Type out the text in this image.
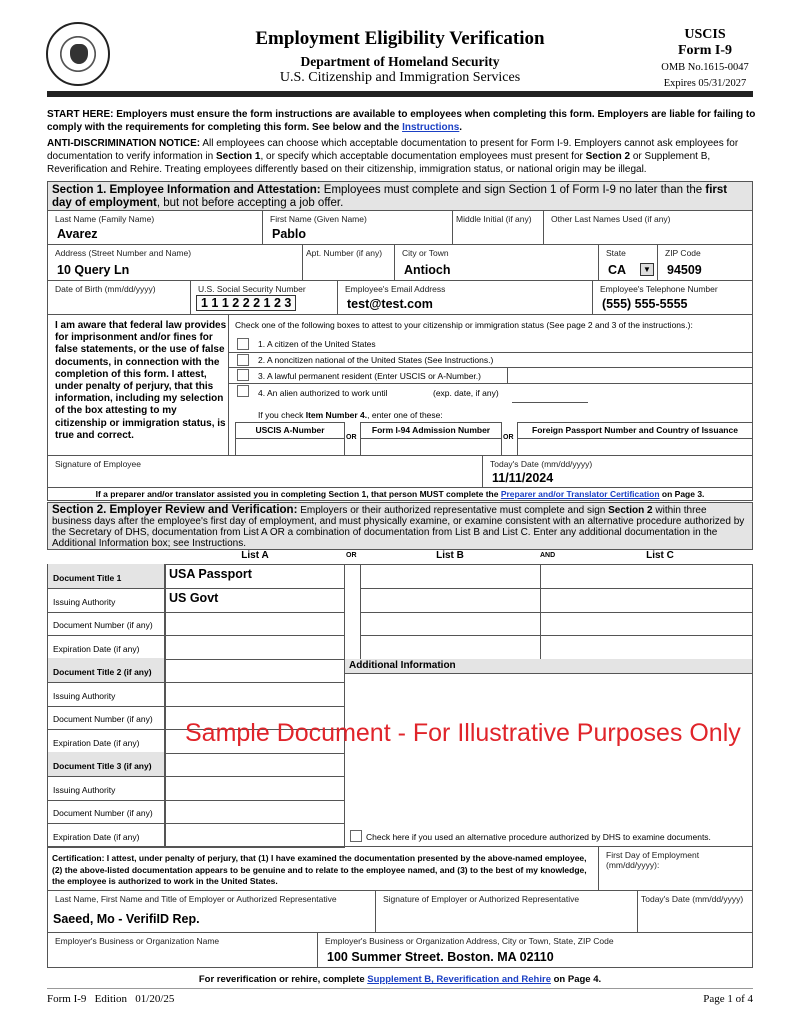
Employment Eligibility Verification
Department of Homeland Security
U.S. Citizenship and Immigration Services
USCIS
Form I-9
OMB No.1615-0047
Expires 05/31/2027

START HERE: Employers must ensure the form instructions are available to employees when completing this form. Employers are liable for failing to comply with the requirements for completing this form. See below and the Instructions.

ANTI-DISCRIMINATION NOTICE: All employees can choose which acceptable documentation to present for Form I-9. Employers cannot ask employees for documentation to verify information in Section 1, or specify which acceptable documentation employees must present for Section 2 or Supplement B, Reverification and Rehire. Treating employees differently based on their citizenship, immigration status, or national origin may be illegal.

Section 1. Employee Information and Attestation: Employees must complete and sign Section 1 of Form I-9 no later than the first day of employment, but not before accepting a job offer.
Last Name (Family Name)
Avarez
First Name (Given Name)
Pablo
Middle Initial (if any) Other Last Names Used (if any)
Address (Street Number and Name)
10 Query Ln
Apt. Number (if any) City or Town
Antioch
State
CA	▼
ZIP Code
94509
Date of Birth (mm/dd/yyyy)	U.S. Social Security Number
1 1 1 2 2 2 1 2 3
Employee's Email Address
test@test.com
Employee's Telephone Number
(555) 555-5555
I am aware that federal law provides for imprisonment and/or fines for false statements, or the use of false documents, in connection with the completion of this form. I attest, under penalty of perjury, that this information, including my selection of the box attesting to my citizenship or immigration status, is true and correct.
Check one of the following boxes to attest to your citizenship or immigration status (See page 2 and 3 of the instructions.):
1. A citizen of the United States
2. A noncitizen national of the United States (See Instructions.)
3. A lawful permanent resident (Enter USCIS or A-Number.)
4. An alien authorized to work until	(exp. date, if any)
If you check Item Number 4., enter one of these:
USCIS A-Number
OR
Form I-94 Admission Number
OR
Foreign Passport Number and Country of Issuance
Signature of Employee	Today's Date (mm/dd/yyyy)
11/11/2024
If a preparer and/or translator assisted you in completing Section 1, that person MUST complete the Preparer and/or Translator Certification on Page 3.
Section 2. Employer Review and Verification: Employers or their authorized representative must complete and sign Section 2 within three business days after the employee's first day of employment, and must physically examine, or examine consistent with an alternative procedure authorized by the Secretary of DHS, documentation from List A OR a combination of documentation from List B and List C. Enter any additional documentation in the Additional Information box; see Instructions.
List A	OR	List B	AND	List C
Document Title 1	USA Passport
Issuing Authority	US Govt
Document Number (if any)
Expiration Date (if any)
Document Title 2 (if any)
Issuing Authority
Document Number (if any)
Expiration Date (if any)
Document Title 3 (if any)
Issuing Authority
Document Number (if any)
Expiration Date (if any)
Additional Information
Sample Document - For Illustrative Purposes Only
Check here if you used an alternative procedure authorized by DHS to examine documents.
Certification: I attest, under penalty of perjury, that (1) I have examined the documentation presented by the above-named employee, (2) the above-listed documentation appears to be genuine and to relate to the employee named, and (3) to the best of my knowledge, the employee is authorized to work in the United States.
First Day of Employment (mm/dd/yyyy):
Last Name, First Name and Title of Employer or Authorized Representative
Saeed, Mo - VerifiID Rep.
Signature of Employer or Authorized Representative	Today's Date (mm/dd/yyyy)
Employer's Business or Organization Name	Employer's Business or Organization Address, City or Town, State, ZIP Code
100 Summer Street. Boston. MA 02110
For reverification or rehire, complete Supplement B, Reverification and Rehire on Page 4.
Form I-9   Edition   01/20/25	Page 1 of 4
